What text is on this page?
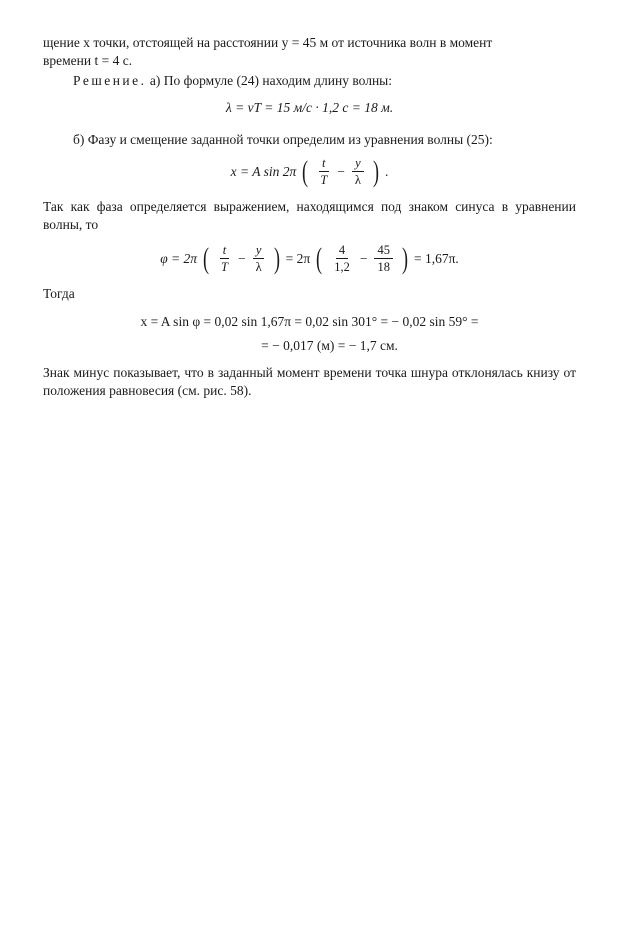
щение x точки, отстоящей на расстоянии y = 45 м от источника волн в момент

времени t = 4 с.

Решение. а) По формуле (24) находим длину волны:

λ = vT = 15 м/с · 1,2 с = 18 м.

б) Фазу и смещение заданной точки определим из уравнения волны (25):

x = A sin 2π ( $\frac{t}{T} - \frac{y}{\lambda}$ ) .

Так как фаза определяется выражением, находящимся под знаком синуса в уравнении волны, то

φ = 2π ( $\frac{t}{T} - \frac{y}{\lambda}$ ) = 2π ( $\frac{4}{1,2} - \frac{45}{18}$ ) = 1,67π.

Тогда

x = A sin φ = 0,02 sin 1,67π = 0,02 sin 301° = − 0,02 sin 59° =

= − 0,017 (м) = − 1,7 см.

Знак минус показывает, что в заданный момент времени точка шнура отклонялась книзу от положения равновесия (см. рис. 58).
